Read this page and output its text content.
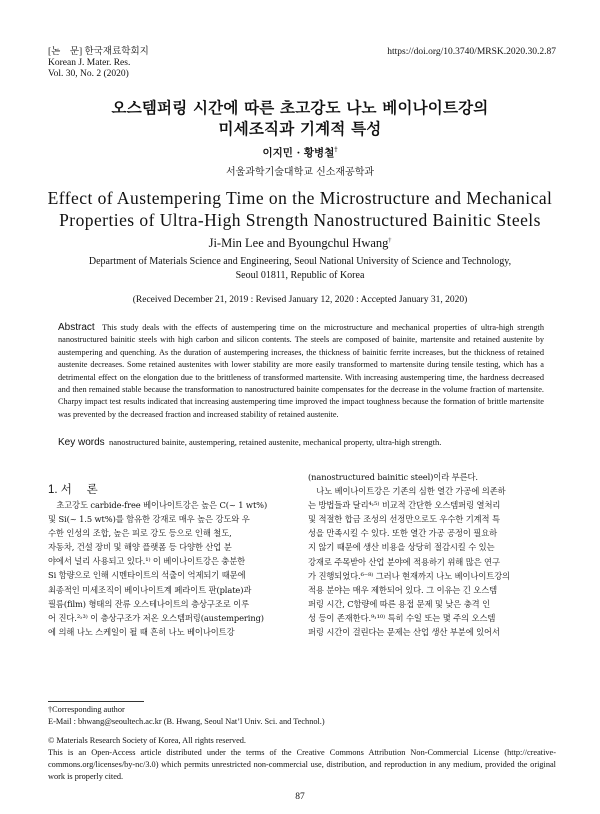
[논　문] 한국재료학회지
Korean J. Mater. Res.
Vol. 30, No. 2 (2020)
https://doi.org/10.3740/MRSK.2020.30.2.87
오스템퍼링 시간에 따른 초고강도 나노 베이나이트강의
미세조직과 기계적 특성
이지민 · 황병철†
서울과학기술대학교 신소재공학과
Effect of Austempering Time on the Microstructure and Mechanical
Properties of Ultra-High Strength Nanostructured Bainitic Steels
Ji-Min Lee and Byoungchul Hwang†
Department of Materials Science and Engineering, Seoul National University of Science and Technology,
Seoul 01811, Republic of Korea
(Received December 21, 2019 : Revised January 12, 2020 : Accepted January 31, 2020)
Abstract This study deals with the effects of austempering time on the microstructure and mechanical properties of ultra-high strength nanostructured bainitic steels with high carbon and silicon contents. The steels are composed of bainite, martensite and retained austenite by austempering and quenching. As the duration of austempering increases, the thickness of bainitic ferrite increases, but the thickness of retained austenite decreases. Some retained austenites with lower stability are more easily transformed to martensite during tensile testing, which has a detrimental effect on the elongation due to the brittleness of transformed martensite. With increasing austempering time, the hardness decreased and then remained stable because the transformation to nanostructured bainite compensates for the decrease in the volume fraction of martensite. Charpy impact test results indicated that increasing austempering time improved the impact toughness because the formation of brittle martensite was prevented by the decreased fraction and increased stability of retained austenite.
Key words nanostructured bainite, austempering, retained austenite, mechanical property, ultra-high strength.
1. 서　 론
　초고강도 carbide-free 베이나이트강은 높은 C(~ 1 wt%)
및 Si(~ 1.5 wt%)를 함유한 강재로 매우 높은 강도와 우
수한 인성의 조합, 높은 피로 강도 등으로 인해 철도,
자동차, 건설 장비 및 해양 플랫폼 등 다양한 산업 분
야에서 널리 사용되고 있다.¹⁾ 이 베이나이트강은 충분한
Si 함량으로 인해 시멘타이트의 석출이 억제되기 때문에
최종적인 미세조직이 베이나이트계 페라이트 판(plate)과
필름(film) 형태의 잔류 오스테나이트의 층상구조로 이루
어 진다.²˒³⁾ 이 층상구조가 저온 오스템퍼링(austempering)
에 의해 나노 스케일이 될 때 흔히 나노 베이나이트강
(nanostructured bainitic steel)이라 부른다.
　나노 베이나이트강은 기존의 심한 열간 가공에 의존하
는 방법들과 달리⁴˒⁵⁾ 비교적 간단한 오스템퍼링 열처리
및 적절한 합금 조성의 선정만으로도 우수한 기계적 특
성을 만족시킬 수 있다. 또한 열간 가공 공정이 필요하
지 않기 때문에 생산 비용을 상당히 절감시킬 수 있는
강재로 주목받아 산업 분야에 적용하기 위해 많은 연구
가 진행되었다.⁶⁻⁸⁾ 그러나 현재까지 나노 베이나이트강의
적용 분야는 매우 제한되어 있다. 그 이유는 긴 오스템
퍼링 시간, C함량에 따른 용접 문제 및 낮은 충격 인
성 등이 존재한다.⁹˒¹⁰⁾ 특히 수일 또는 몇 주의 오스템
퍼링 시간이 걸린다는 문제는 산업 생산 부분에 있어서
†Corresponding author
E-Mail : bhwang@seoultech.ac.kr (B. Hwang, Seoul Nat’l Univ. Sci. and Technol.)
© Materials Research Society of Korea, All rights reserved.
This is an Open-Access article distributed under the terms of the Creative Commons Attribution Non-Commercial License (http://creative-commons.org/licenses/by-nc/3.0) which permits unrestricted non-commercial use, distribution, and reproduction in any medium, provided the original work is properly cited.
87
